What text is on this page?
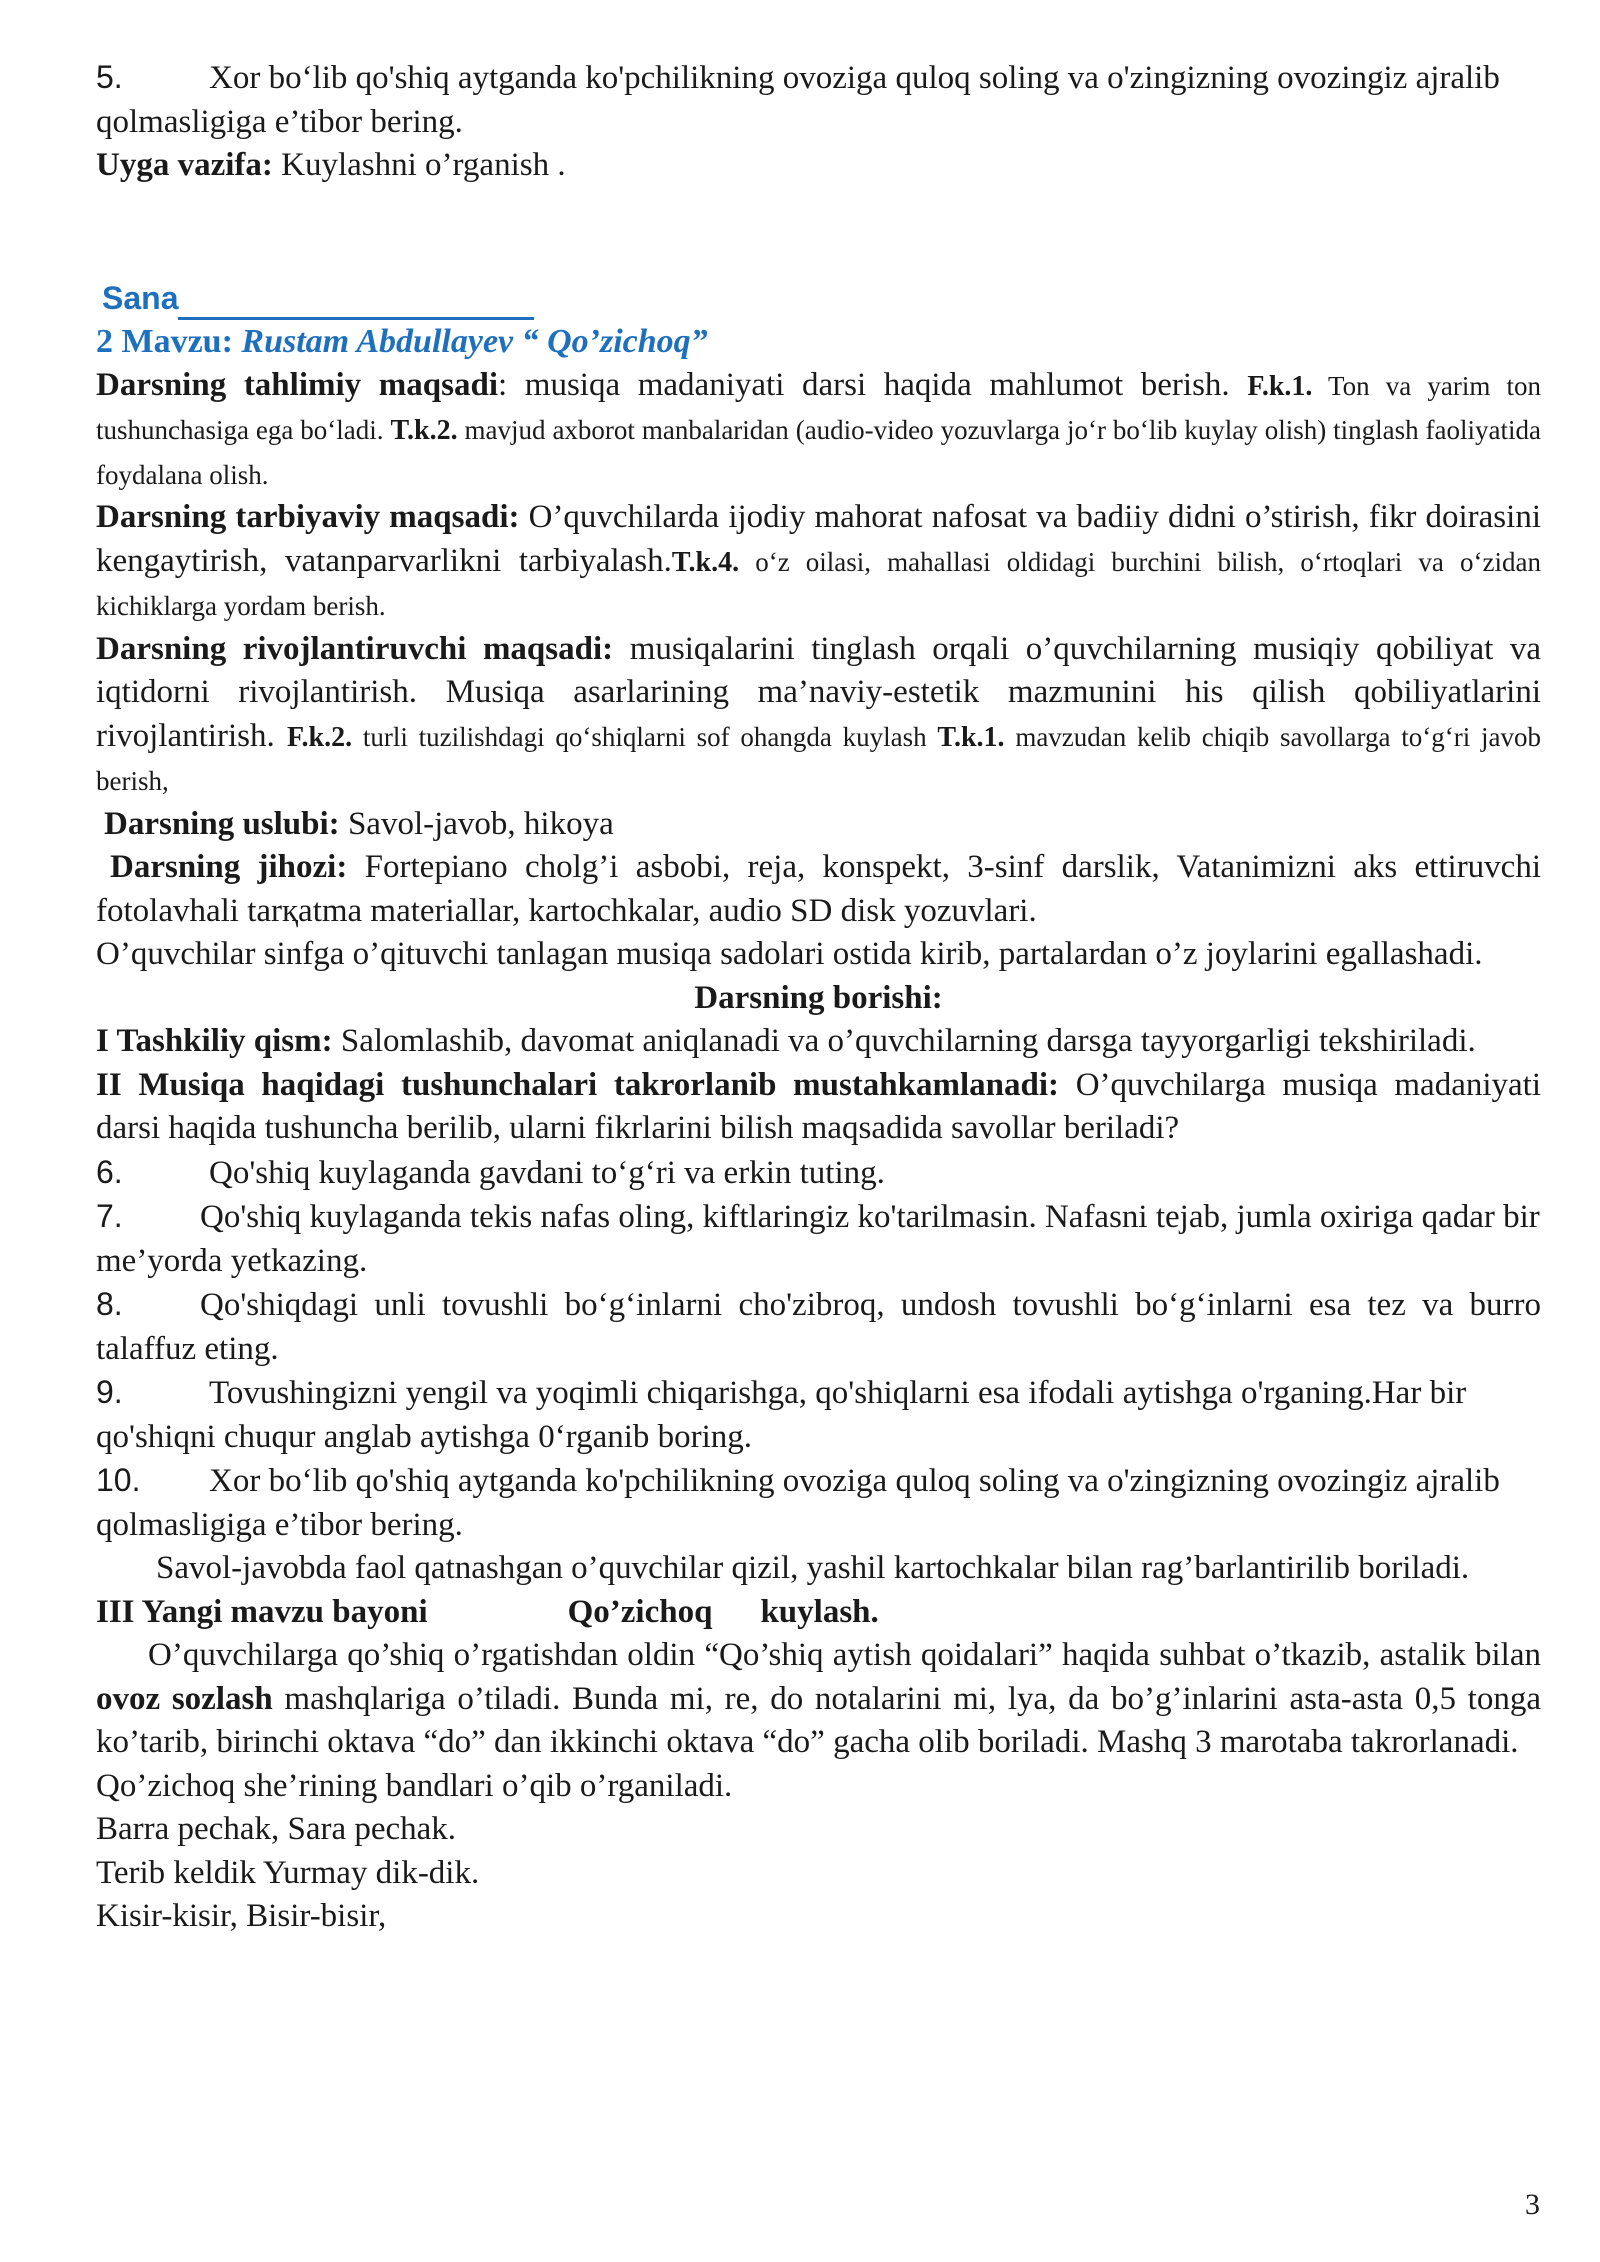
5.	Xor bo‘lib qo'shiq aytganda ko'pchilikning ovoziga quloq soling va o'zingizning ovozingiz ajralib qolmasligiga e’tibor bering.

Uyga vazifa: Kuylashni o’rganish .

Sana
2 Mavzu: Rustam Abdullayev “ Qo’zichoq”

Darsning tahlimiy maqsadi: musiqa madaniyati darsi haqida mahlumot berish. F.k.1. Ton va yarim ton tushunchasiga ega bo‘ladi. T.k.2. mavjud axborot manbalaridan (audio-video yozuvlarga jo‘r bo‘lib kuylay olish) tinglash faoliyatida foydalana olish.

Darsning tarbiyaviy maqsadi: O’quvchilarda ijodiy mahorat nafosat va badiiy didni o’stirish, fikr doirasini kengaytirish, vatanparvarlikni tarbiyalash.T.k.4. o‘z oilasi, mahallasi oldidagi burchini bilish, o‘rtoqlari va o‘zidan kichiklarga yordam berish.

Darsning rivojlantiruvchi maqsadi: musiqalarini tinglash orqali o’quvchilarning musiqiy qobiliyat va iqtidorni rivojlantirish. Musiqa asarlarining ma’naviy-estetik mazmunini his qilish qobiliyatlarini rivojlantirish. F.k.2. turli tuzilishdagi qo‘shiqlarni sof ohangda kuylash T.k.1. mavzudan kelib chiqib savollarga to‘g‘ri javob berish,

Darsning uslubi: Savol-javob, hikoya

Darsning jihozi: Fortepiano cholg’i asbobi, reja, konspekt, 3-sinf darslik, Vatanimizni aks ettiruvchi fotolavhali tarқatma materiallar, kartochkalar, audio SD disk yozuvlari.

O’quvchilar sinfga o’qituvchi tanlagan musiqa sadolari ostida kirib, partalardan o’z joylarini egallashadi.

Darsning borishi:

I Tashkiliy qism: Salomlashib, davomat aniqlanadi va o’quvchilarning darsga tayyorgarligi tekshiriladi.

II Musiqa haqidagi tushunchalari takrorlanib mustahkamlanadi: O’quvchilarga musiqa madaniyati darsi haqida tushuncha berilib, ularni fikrlarini bilish maqsadida savollar beriladi?

6.	Qo'shiq kuylaganda gavdani to‘g‘ri va erkin tuting.

7. Qo'shiq kuylaganda tekis nafas oling, kiftlaringiz ko'tarilmasin. Nafasni tejab, jumla oxiriga qadar bir me’yorda yetkazing.

8. Qo'shiqdagi unli tovushli bo‘g‘inlarni cho'zibroq, undosh tovushli bo‘g‘inlarni esa tez va burro talaffuz eting.

9.	Tovushingizni yengil va yoqimli chiqarishga, qo'shiqlarni esa ifodali aytishga o'rganing.Har bir qo'shiqni chuqur anglab aytishga 0‘rganib boring.

10. Xor bo‘lib qo'shiq aytganda ko'pchilikning ovoziga quloq soling va o'zingizning ovozingiz ajralib qolmasligiga e’tibor bering.

Savol-javobda faol qatnashgan o’quvchilar qizil, yashil kartochkalar bilan rag’barlantirilib boriladi.

III Yangi mavzu bayoni	Qo’zichoq kuylash.

O’quvchilarga qo’shiq o’rgatishdan oldin “Qo’shiq aytish qoidalari” haqida suhbat o’tkazib, astalik bilan ovoz sozlash mashqlariga o’tiladi. Bunda mi, re, do notalarini mi, lya, da bo’g’inlarini asta-asta 0,5 tonga ko’tarib, birinchi oktava “do” dan ikkinchi oktava “do” gacha olib boriladi. Mashq 3 marotaba takrorlanadi.

Qo’zichoq she’rining bandlari o’qib o’rganiladi.

Barra pechak, Sara pechak.

Terib keldik Yurmay dik-dik.

Kisir-kisir, Bisir-bisir,

3
